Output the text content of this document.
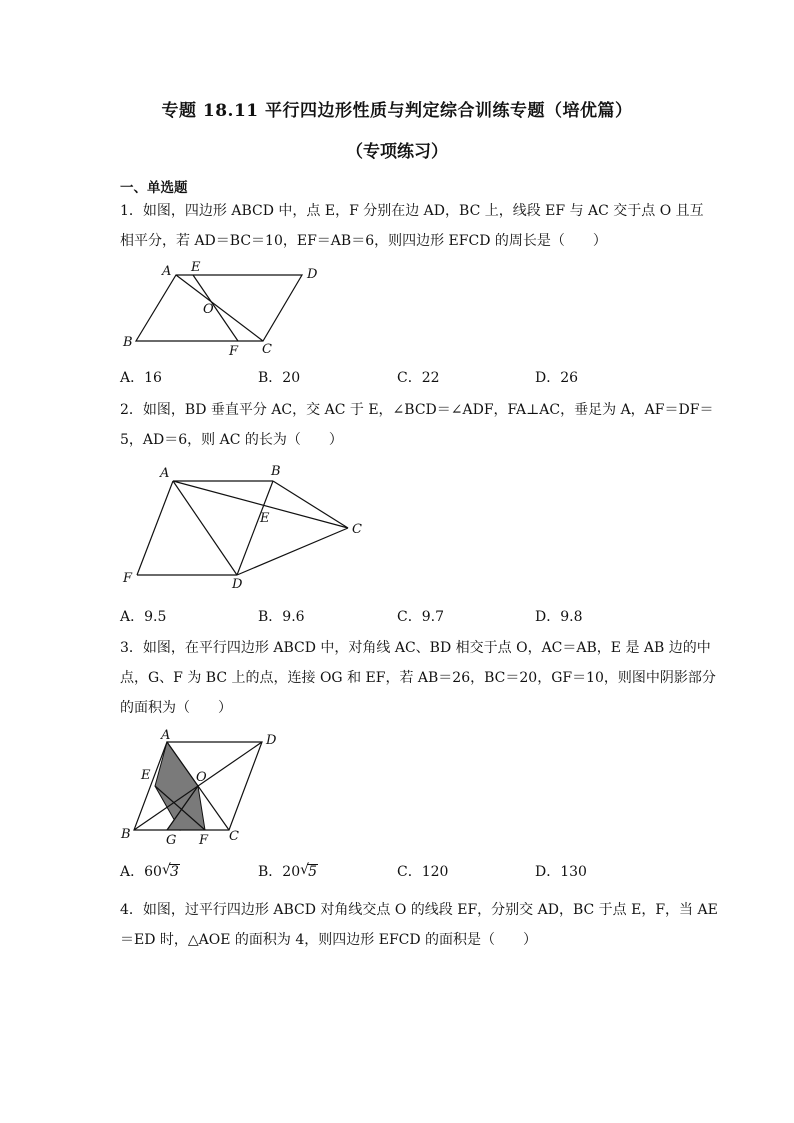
专题 18.11 平行四边形性质与判定综合训练专题（培优篇）
（专项练习）
一、单选题
1．如图，四边形 ABCD 中，点 E，F 分别在边 AD，BC 上，线段 EF 与 AC 交于点 O 且互
相平分，若 AD＝BC＝10，EF＝AB＝6，则四边形 EFCD 的周长是（　　）
A E	D
O
B
F C
A．16	B．20	C．22	D．26
2．如图，BD 垂直平分 AC，交 AC 于 E，∠BCD＝∠ADF，FA⊥AC，垂足为 A，AF＝DF＝
5，AD＝6，则 AC 的长为（　　）
A	B
E
C
F	D
A．9.5	B．9.6	C．9.7	D．9.8
3．如图，在平行四边形 ABCD 中，对角线 AC、BD 相交于点 O，AC＝AB，E 是 AB 边的中
点，G、F 为 BC 上的点，连接 OG 和 EF，若 AB＝26，BC＝20，GF＝10，则图中阴影部分
的面积为（　　）
A	D
E	O
B	G F C
A．60 √ 3	B．20 √ 5	C．120	D．130
4．如图，过平行四边形 ABCD 对角线交点 O 的线段 EF，分别交 AD，BC 于点 E，F，当 AE
＝ED 时，△AOE 的面积为 4，则四边形 EFCD 的面积是（　　）
